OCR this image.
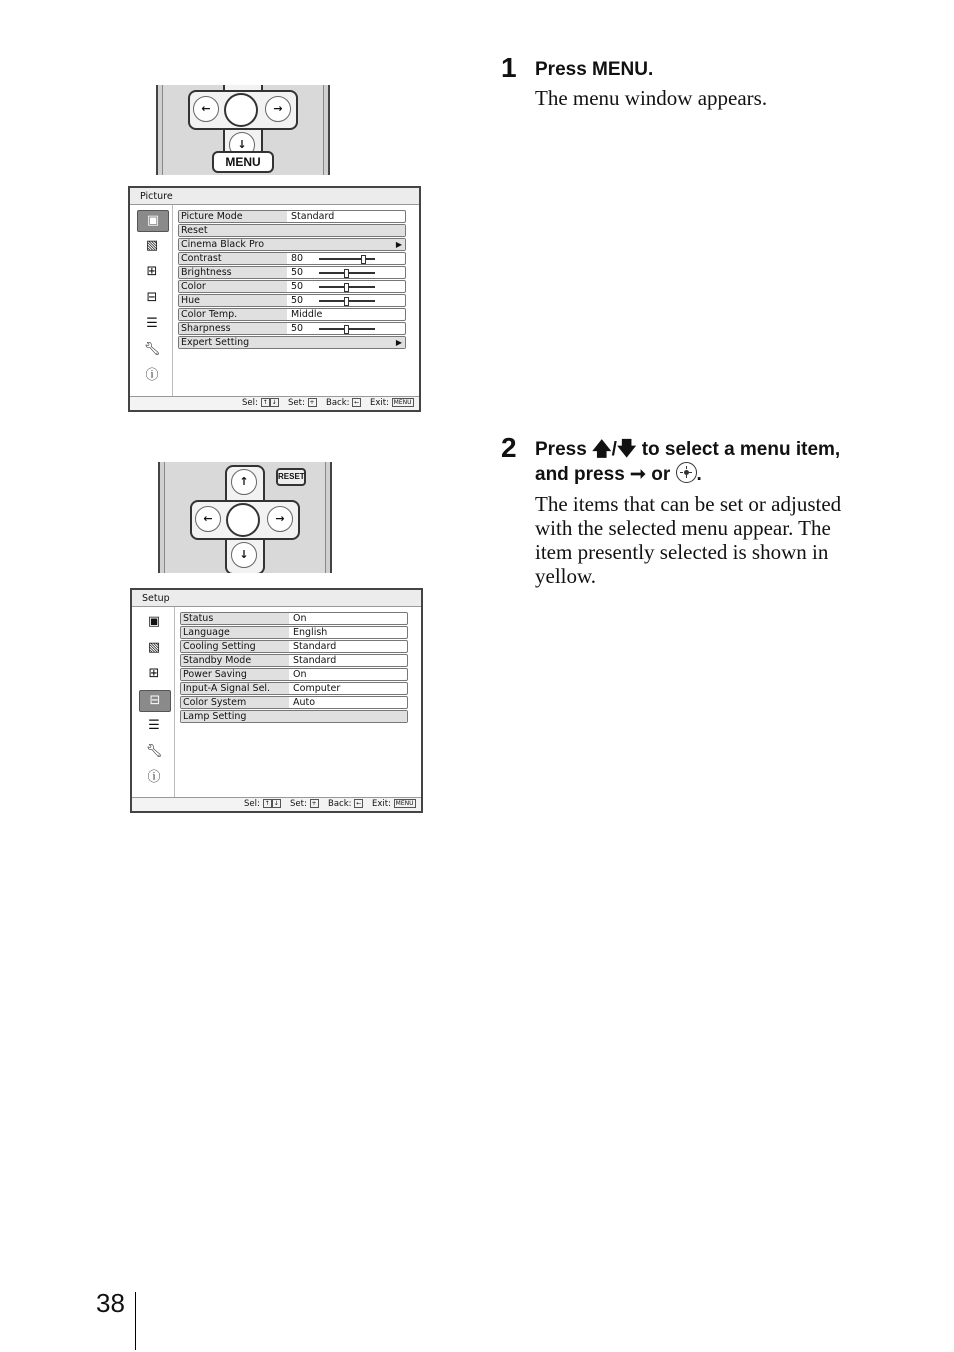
←	→
↓
MENU
Picture
▣
▧
⊞
⊟
☰
🔧︎
ⓘ
Picture Mode	Standard
Reset
Cinema Black Pro	▶
Contrast	80
Brightness	50
Color	50
Hue	50
Color Temp.	Middle
Sharpness	50
Expert Setting	▶
Sel: ↑ ↓ Set: + Back: ← Exit: MENU
↑
←	→
↓
RESET
Setup
▣
▧
⊞
⊟
☰
🔧︎
ⓘ
Status	On
Language	English
Cooling Setting	Standard
Standby Mode	Standard
Power Saving	On
Input-A Signal Sel.	Computer
Color System	Auto
Lamp Setting
Sel: ↑ ↓ Set: + Back: ← Exit: MENU
1 Press MENU.
The menu window appears.
2 Press 🡅/🡇 to select a menu item,
and press ➞ or
.
The items that can be set or adjusted
with the selected menu appear. The
item presently selected is shown in
yellow.
38
